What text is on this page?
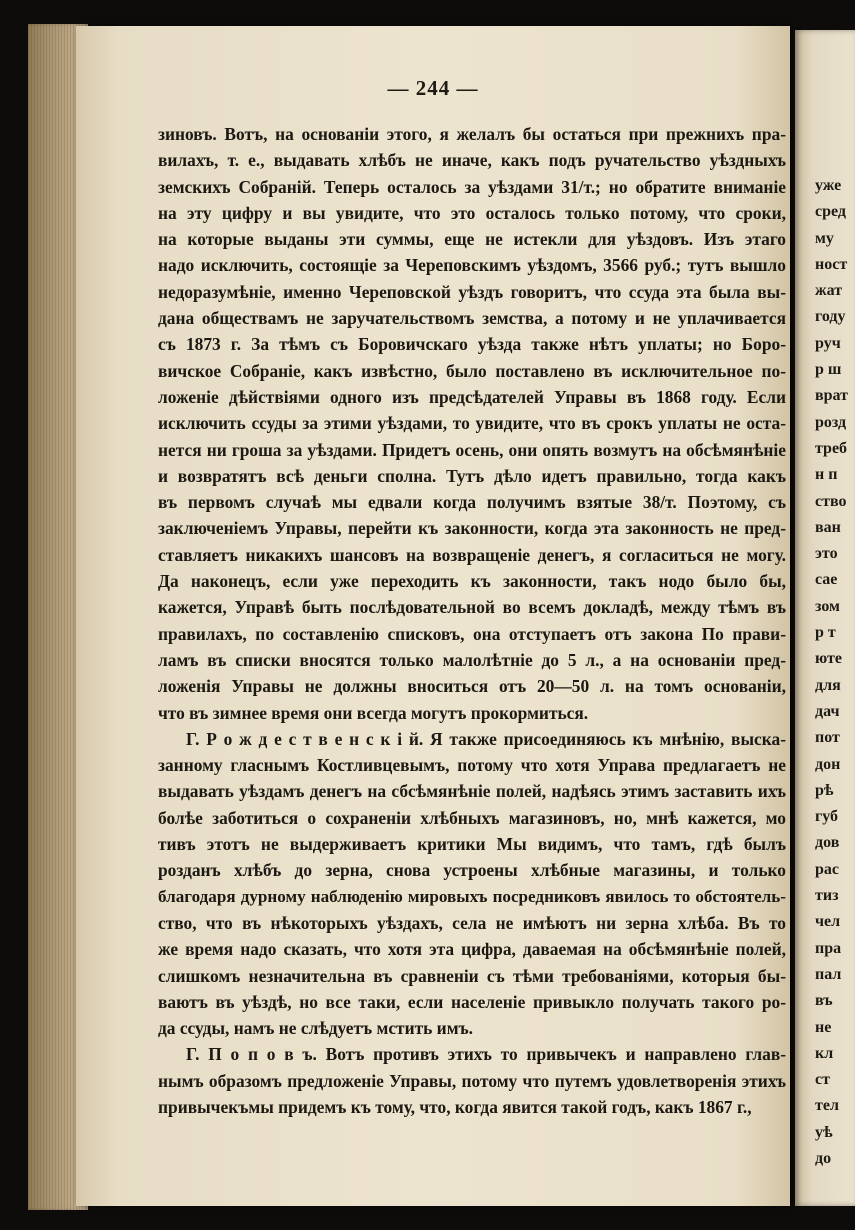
— 244 —

зиновъ. Вотъ, на основанiи этого, я желалъ бы остаться при прежнихъ пра-
вилахъ, т. е., выдавать хлѣбъ не иначе, какъ подъ ручательство уѣздныхъ
земскихъ Собранiй. Теперь осталось за уѣздами 31/т.; но обратите вниманiе
на эту цифру и вы увидите, что это осталось только потому, что сроки,
на которые выданы эти суммы, еще не истекли для уѣздовъ. Изъ этаго
надо исключить, состоящiе за Череповскимъ уѣздомъ, 3566 руб.; тутъ вышло
недоразумѣнiе, именно Череповской уѣздъ говоритъ, что ссуда эта была вы-
дана обществамъ не заручательствомъ земства, а потому и не уплачивается
съ 1873 г. За тѣмъ съ Боровичскаго уѣзда также нѣтъ уплаты; но Боро-
вичское Собранiе, какъ извѣстно, было поставлено въ исключительное по-
ложенiе дѣйствiями одного изъ предсѣдателей Управы въ 1868 году. Если
исключить ссуды за этими уѣздами, то увидите, что въ срокъ уплаты не оста-
нется ни гроша за уѣздами. Придетъ осень, они опять возмутъ на обсѣмянѣнiе
и возвратятъ всѣ деньги сполна. Тутъ дѣло идетъ правильно, тогда какъ
въ первомъ случаѣ мы едвали когда получимъ взятые 38/т. Поэтому, съ
заключенiемъ Управы, перейти къ законности, когда эта законность не пред-
ставляетъ никакихъ шансовъ на возвращенiе денегъ, я согласиться не могу.
Да наконецъ, если уже переходить къ законности, такъ нодо было бы,
кажется, Управѣ быть послѣдовательной во всемъ докладѣ, между тѣмъ въ
правилахъ, по составленiю списковъ, она отступаетъ отъ закона По прави-
ламъ въ списки вносятся только малолѣтнiе до 5 л., а на основанiи пред-
ложенiя Управы не должны вноситься отъ 20—50 л. на томъ основанiи,
что въ зимнее время они всегда могутъ прокормиться.
Г. Р о ж д е с т в е н с к i й. Я также присоединяюсь къ мнѣнiю, выска-
занному гласнымъ Костливцевымъ, потому что хотя Управа предлагаетъ не
выдавать уѣздамъ денегъ на сбсѣмянѣнiе полей, надѣясь этимъ заставить ихъ
болѣе заботиться о сохраненiи хлѣбныхъ магазиновъ, но, мнѣ кажется, мо
тивъ этотъ не выдерживаетъ критики Мы видимъ, что тамъ, гдѣ былъ
розданъ хлѣбъ до зерна, снова устроены хлѣбные магазины, и только
благодаря дурному наблюденiю мировыхъ посредниковъ явилось то обстоятель-
ство, что въ нѣкоторыхъ уѣздахъ, села не имѣютъ ни зерна хлѣба. Въ то
же время надо сказать, что хотя эта цифра, даваемая на обсѣмянѣнiе полей,
слишкомъ незначительна въ сравненiи съ тѣми требованiями, которыя бы-
ваютъ въ уѣздѣ, но все таки, если населенiе привыкло получать такого ро-
да ссуды, намъ не слѣдуетъ мстить имъ.
Г. П о п о в ъ. Вотъ противъ этихъ то привычекъ и направлено глав-
нымъ образомъ предложенiе Управы, потому что путемъ удовлетворенiя этихъ
привычекъмы придемъ къ тому, что, когда явится такой годъ, какъ 1867 г.,
уже
сред
му
ност
жат
году
руч
р ш
врат
розд
треб
н п
ство
ван
это
сае
зом
р т
юте
для
дач
пот
дон
рѣ
губ
дов
рас
тиз
чел
пра
пал
въ
не
кл
ст
тел
уѣ
до
